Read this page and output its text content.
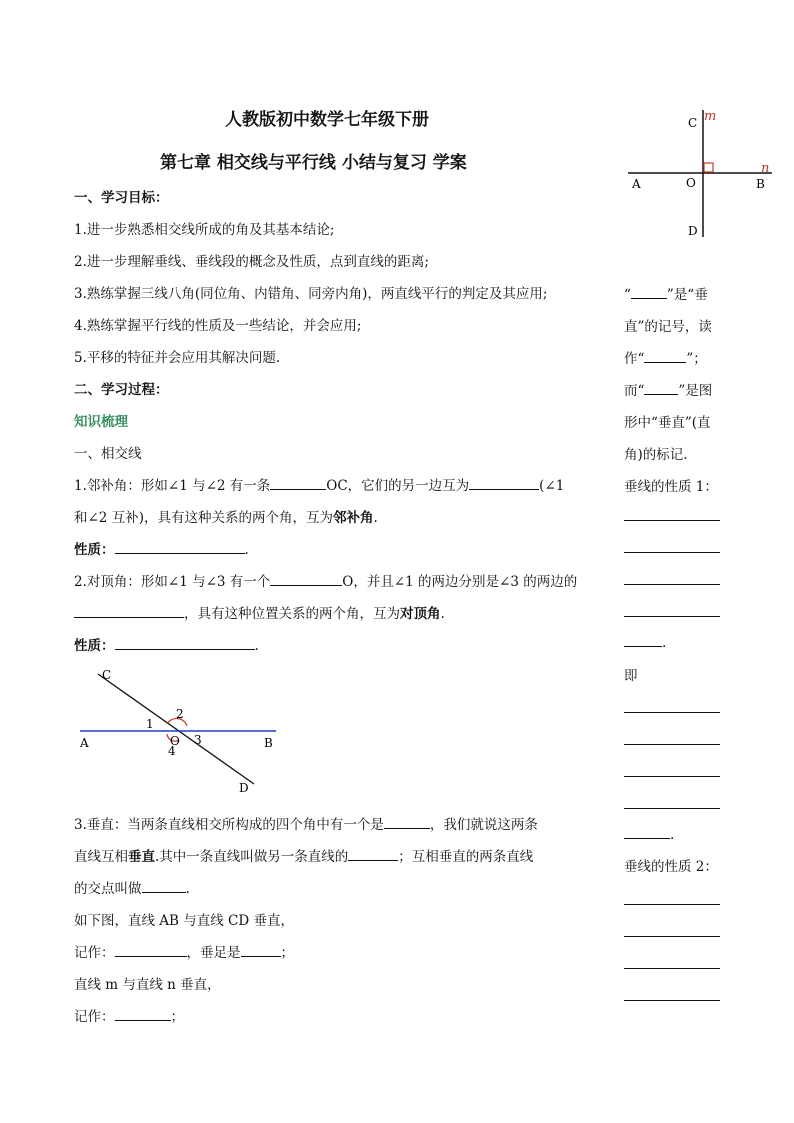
人教版初中数学七年级下册
第七章 相交线与平行线 小结与复习 学案
m
n
C
A	O	B
D
一、学习目标：
1.进一步熟悉相交线所成的角及其基本结论;
2.进一步理解垂线、垂线段的概念及性质，点到直线的距离;
3.熟练掌握三线八角(同位角、内错角、同旁内角)，两直线平行的判定及其应用;
4.熟练掌握平行线的性质及一些结论，并会应用;
5.平移的特征并会应用其解决问题.
二、学习过程：
知识梳理
一、相交线
1.邻补角：形如∠1 与∠2 有一条	OC，它们的另一边互为	(∠1
和∠2 互补)，具有这种关系的两个角，互为邻补角.
性质：	.
2.对顶角：形如∠1 与∠3 有一个	O，并且∠1 的两边分别是∠3 的两边的
，具有这种位置关系的两个角，互为对顶角.
性质：	.
C
A	B
D
O
1
2
3
4
3.垂直：当两条直线相交所构成的四个角中有一个是	，我们就说这两条
直线互相垂直.其中一条直线叫做另一条直线的	；互相垂直的两条直线
的交点叫做	.
如下图，直线 AB 与直线 CD 垂直，
记作：	，垂足是	；
直线 m 与直线 n 垂直，
记作：	；
“	”是“垂
直”的记号，读
作“	”；
而“	”是图
形中“垂直”(直
角)的标记.
垂线的性质 1：
.
即
.
垂线的性质 2：
